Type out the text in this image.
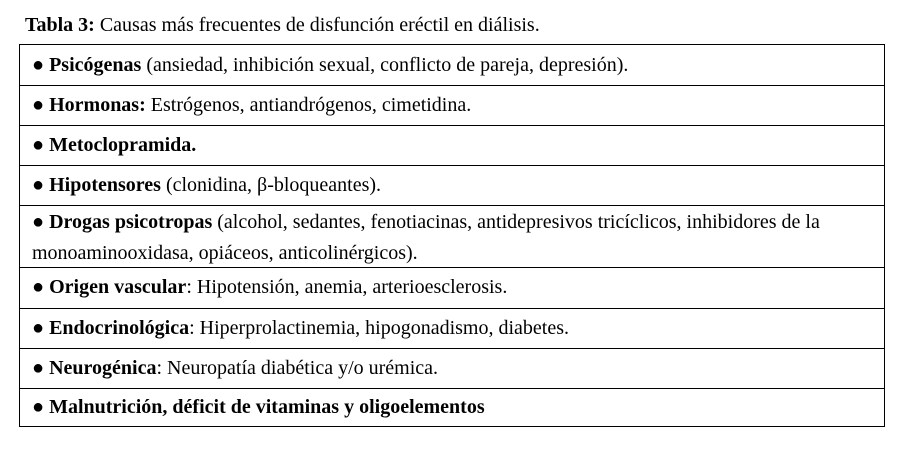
Tabla 3: Causas más frecuentes de disfunción eréctil en diálisis.
● Psicógenas (ansiedad, inhibición sexual, conflicto de pareja, depresión).
● Hormonas: Estrógenos, antiandrógenos, cimetidina.
● Metoclopramida.
● Hipotensores (clonidina, β-bloqueantes).
● Drogas psicotropas (alcohol, sedantes, fenotiacinas, antidepresivos tricíclicos, inhibidores de la monoaminooxidasa, opiáceos, anticolinérgicos).
● Origen vascular: Hipotensión, anemia, arterioesclerosis.
● Endocrinológica: Hiperprolactinemia, hipogonadismo, diabetes.
● Neurogénica: Neuropatía diabética y/o urémica.
● Malnutrición, déficit de vitaminas y oligoelementos
